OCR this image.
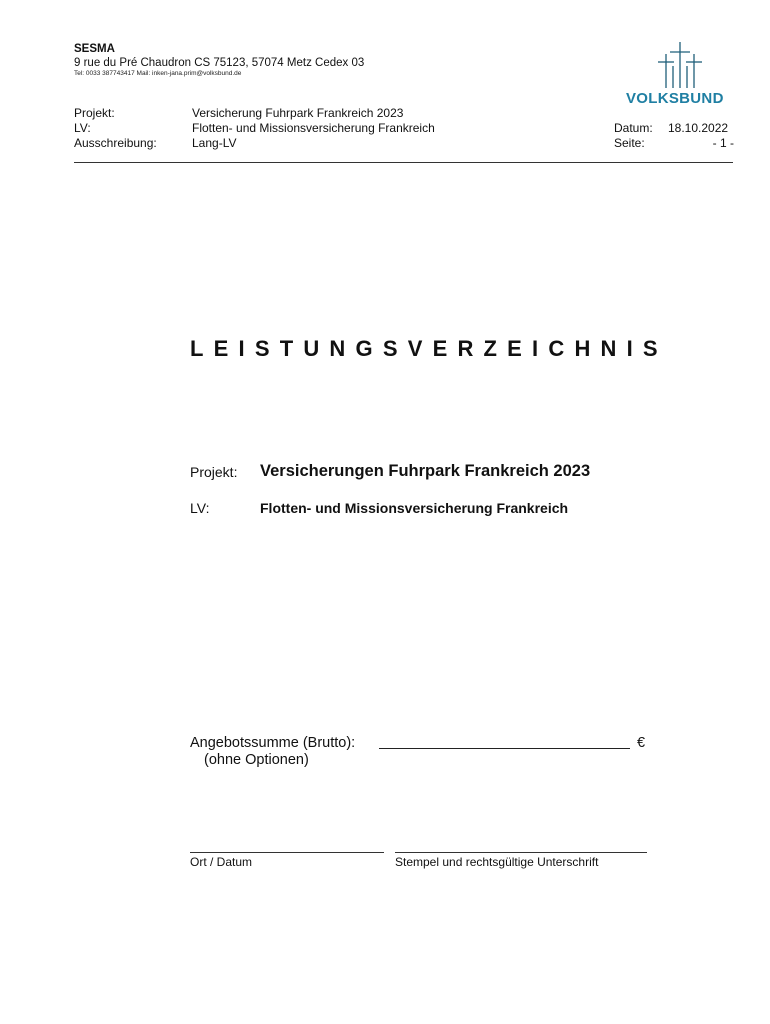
SESMA
9 rue du Pré Chaudron CS 75123, 57074 Metz Cedex 03
Tel: 0033 387743417 Mail: inken-jana.prim@volksbund.de
VOLKSBUND
Projekt:	Versicherung Fuhrpark Frankreich 2023
LV:	Flotten- und Missionsversicherung Frankreich
Ausschreibung:	Lang-LV
Datum: 18.10.2022
Seite:	- 1 -
LEISTUNGSVERZEICHNIS
Projekt: Versicherungen Fuhrpark Frankreich 2023
LV:	Flotten- und Missionsversicherung Frankreich
Angebotssumme (Brutto):
(ohne Optionen)
€
Ort / Datum	Stempel und rechtsgültige Unterschrift
